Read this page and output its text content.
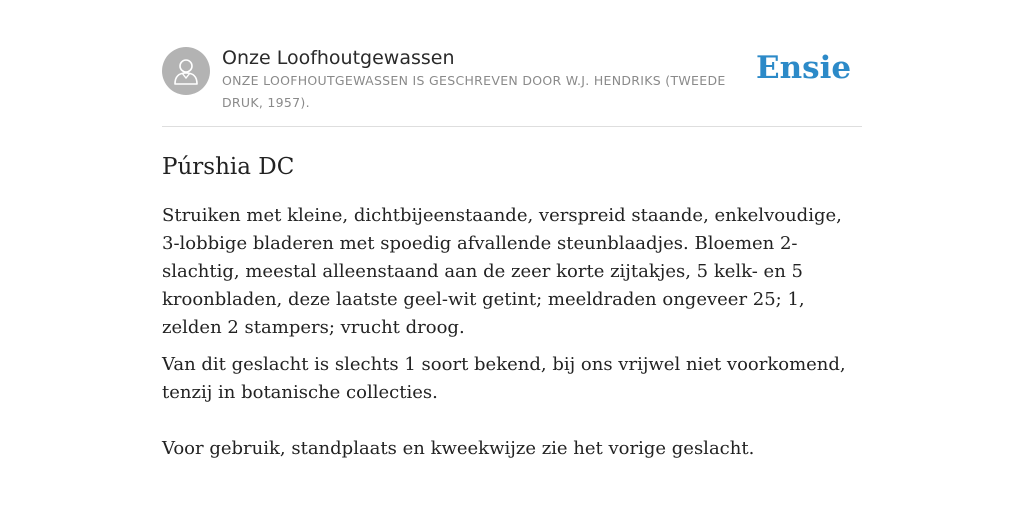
Onze Loofhoutgewassen
ONZE LOOFHOUTGEWASSEN IS GESCHREVEN DOOR W.J. HENDRIKS (TWEEDE DRUK, 1957).
Ensie
Púrshia DC

Struiken met kleine, dichtbijeenstaande, verspreid staande, enkelvoudige, 3-lobbige bladeren met spoedig afvallende steunblaadjes. Bloemen 2-slachtig, meestal alleenstaand aan de zeer korte zijtakjes, 5 kelk- en 5 kroonbladen, deze laatste geel-wit getint; meeldraden ongeveer 25; 1, zelden 2 stampers; vrucht droog.

Van dit geslacht is slechts 1 soort bekend, bij ons vrijwel niet voorkomend, tenzij in botanische collecties.

Voor gebruik, standplaats en kweekwijze zie het vorige geslacht.
